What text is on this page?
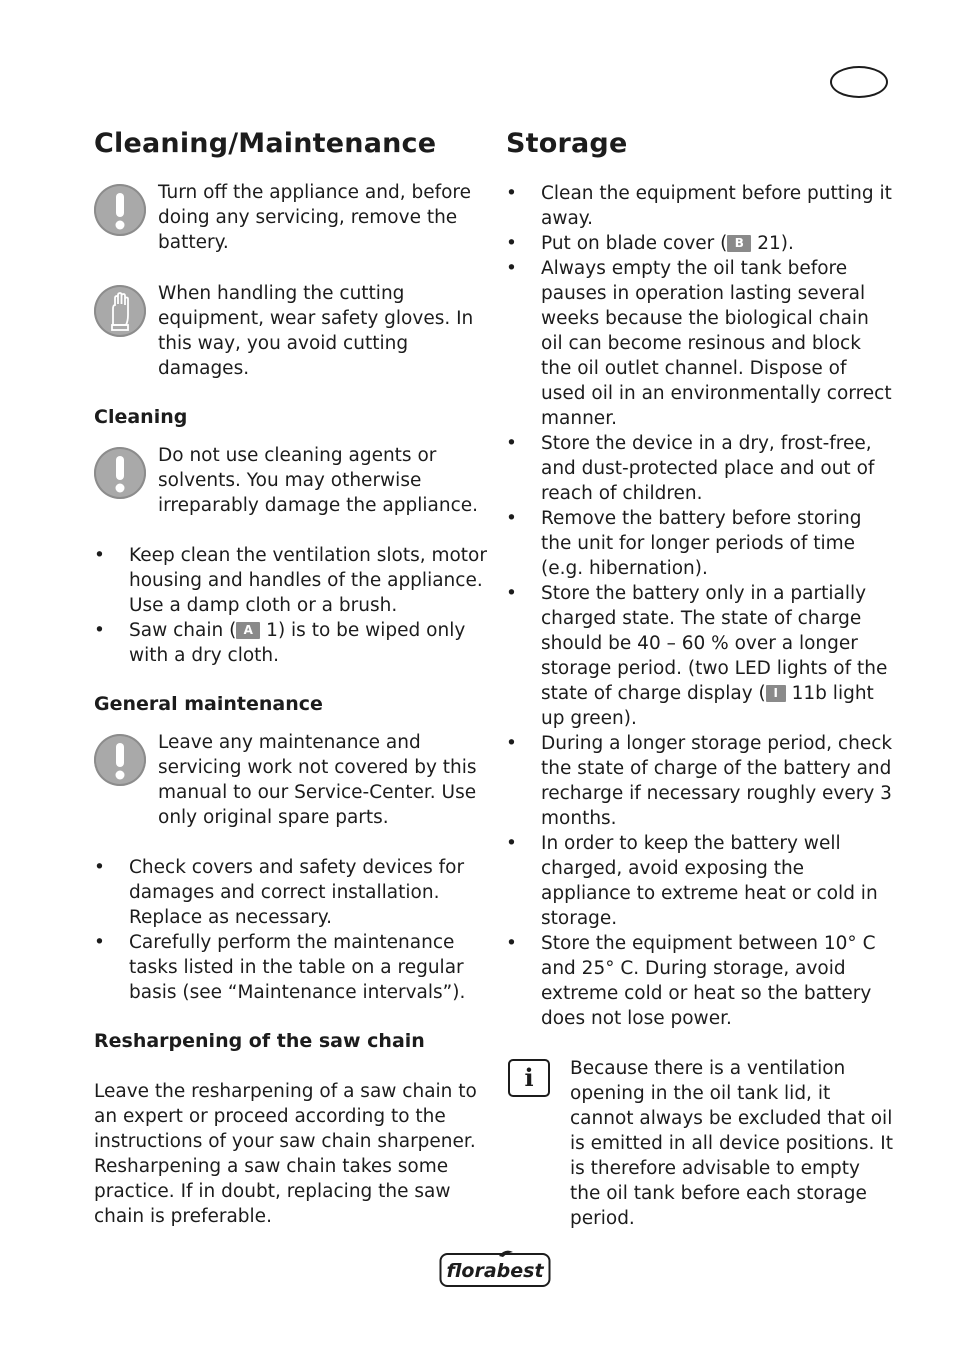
Cleaning/Maintenance

Turn off the appliance and, before doing any servicing, remove the battery.

When handling the cutting equipment, wear safety gloves. In this way, you avoid cutting damages.

Cleaning

Do not use cleaning agents or solvents. You may otherwise irreparably damage the appliance.

• Keep clean the ventilation slots, motor housing and handles of the appliance. Use a damp cloth or a brush.
• Saw chain ( A 1) is to be wiped only with a dry cloth.
General maintenance

Leave any maintenance and servicing work not covered by this manual to our Service-Center. Use only original spare parts.

• Check covers and safety devices for damages and correct installation. Replace as necessary.
• Carefully perform the maintenance tasks listed in the table on a regular basis (see “Maintenance intervals”).
Resharpening of the saw chain

Leave the resharpening of a saw chain to an expert or proceed according to the instructions of your saw chain sharpener. Resharpening a saw chain takes some practice. If in doubt, replacing the saw chain is preferable.

Storage
• Clean the equipment before putting it away.
• Put on blade cover ( B 21).
• Always empty the oil tank before pauses in operation lasting several weeks because the biological chain oil can become resinous and block the oil outlet channel. Dispose of used oil in an environmentally correct manner.
• Store the device in a dry, frost-free, and dust-protected place and out of reach of children.
• Remove the battery before storing the unit for longer periods of time (e.g. hibernation).
• Store the battery only in a partially charged state. The state of charge should be 40 – 60 % over a longer storage period. (two LED lights of the state of charge display ( I 11b light up green).
• During a longer storage period, check the state of charge of the battery and recharge if necessary roughly every 3 months.
• In order to keep the battery well charged, avoid exposing the appliance to extreme heat or cold in storage.
• Store the equipment between 10° C and 25° C. During storage, avoid extreme cold or heat so the battery does not lose power.
i	Because there is a ventilation opening in the oil tank lid, it cannot always be excluded that oil is emitted in all device positions. It is therefore advisable to empty the oil tank before each storage period.

florabest
